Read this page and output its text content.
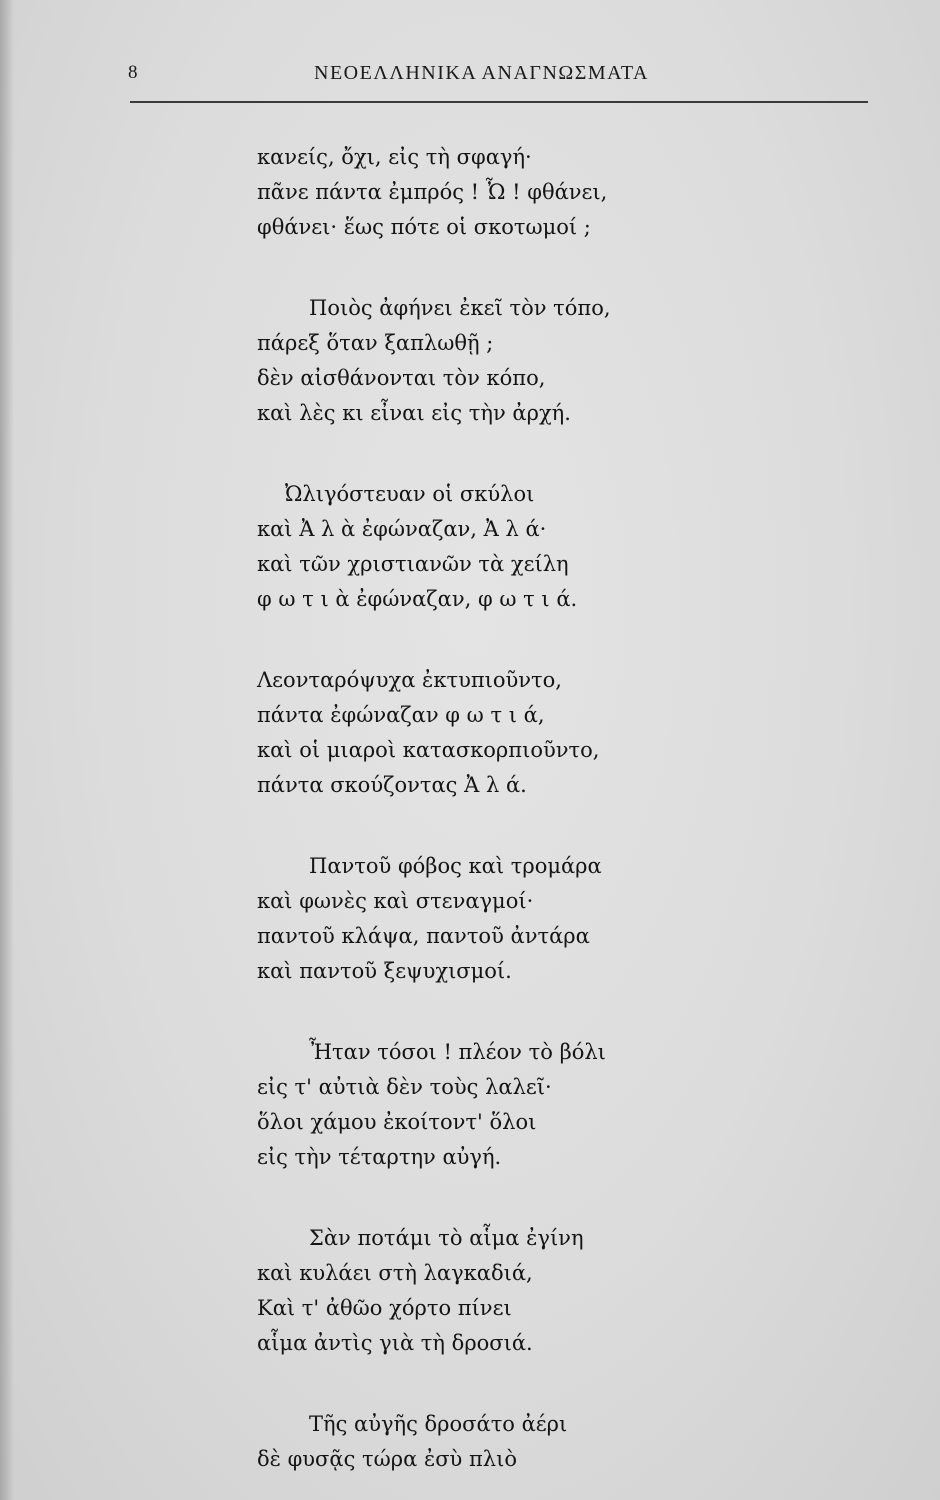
8	ΝΕΟΕΛΛΗΝΙΚΑ ΑΝΑΓΝΩΣΜΑΤΑ
κανείς, ὄχι, εἰς τὴ σφαγή·
πᾶνε πάντα ἐμπρός ! Ὦ ! φθάνει,
φθάνει· ἕως πότε οἱ σκοτωμοί ;
Ποιὸς ἀφήνει ἐκεῖ τὸν τόπο,
πάρεξ ὅταν ξαπλωθῇ ;
δὲν αἰσθάνονται τὸν κόπο,
καὶ λὲς κι εἶναι εἰς τὴν ἀρχή.
Ὠλιγόστευαν οἱ σκύλοι
καὶ Ἀ λ ὰ ἐφώναζαν, Ἀ λ ά·
καὶ τῶν χριστιανῶν τὰ χείλη
φ ω τ ι ὰ ἐφώναζαν, φ ω τ ι ά.
Λεονταρόψυχα ἐκτυπιοῦντο,
πάντα ἐφώναζαν φ ω τ ι ά,
καὶ οἱ μιαροὶ κατασκορπιοῦντο,
πάντα σκούζοντας Ἀ λ ά.
Παντοῦ φόβος καὶ τρομάρα
καὶ φωνὲς καὶ στεναγμοί·
παντοῦ κλάψα, παντοῦ ἀντάρα
καὶ παντοῦ ξεψυχισμοί.
Ἦταν τόσοι ! πλέον τὸ βόλι
εἰς τ' αὐτιὰ δὲν τοὺς λαλεῖ·
ὅλοι χάμου ἐκοίτοντ' ὅλοι
εἰς τὴν τέταρτην αὐγή.
Σὰν ποτάμι τὸ αἷμα ἐγίνη
καὶ κυλάει στὴ λαγκαδιά,
Καὶ τ' ἀθῶο χόρτο πίνει
αἷμα ἀντὶς γιὰ τὴ δροσιά.
Τῆς αὐγῆς δροσάτο ἀέρι
δὲ φυσᾷς τώρα ἐσὺ πλιὸ
